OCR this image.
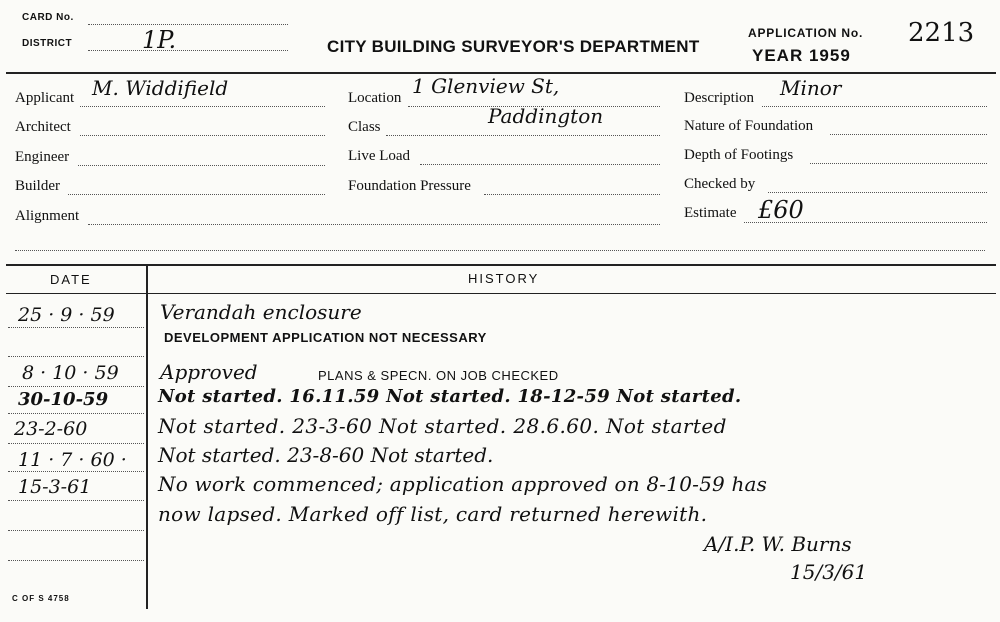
CARD No.
DISTRICT	1P.	CITY BUILDING SURVEYOR'S DEPARTMENT
APPLICATION No.
YEAR 1959
2213
Applicant M. Widdifield
Architect
Engineer
Builder
Alignment
Location 1 Glenview St,
Paddington
Class
Live Load
Foundation Pressure
Description Minor
Nature of Foundation
Depth of Footings
Checked by
Estimate £60
DATE	HISTORY
25 · 9 · 59 Verandah enclosure
DEVELOPMENT APPLICATION NOT NECESSARY
8 · 10 · 59 Approved	PLANS & SPECN. ON JOB CHECKED
30-10-59	Not started. 16.11.59 Not started. 18-12-59 Not started.
23-2-60	Not started. 23-3-60 Not started. 28.6.60. Not started
11 · 7 · 60 · Not started. 23-8-60 Not started.
15-3-61	No work commenced; application approved on 8-10-59 has
now lapsed. Marked off list, card returned herewith.
A/I.P. W. Burns
15/3/61
C OF S 4758
